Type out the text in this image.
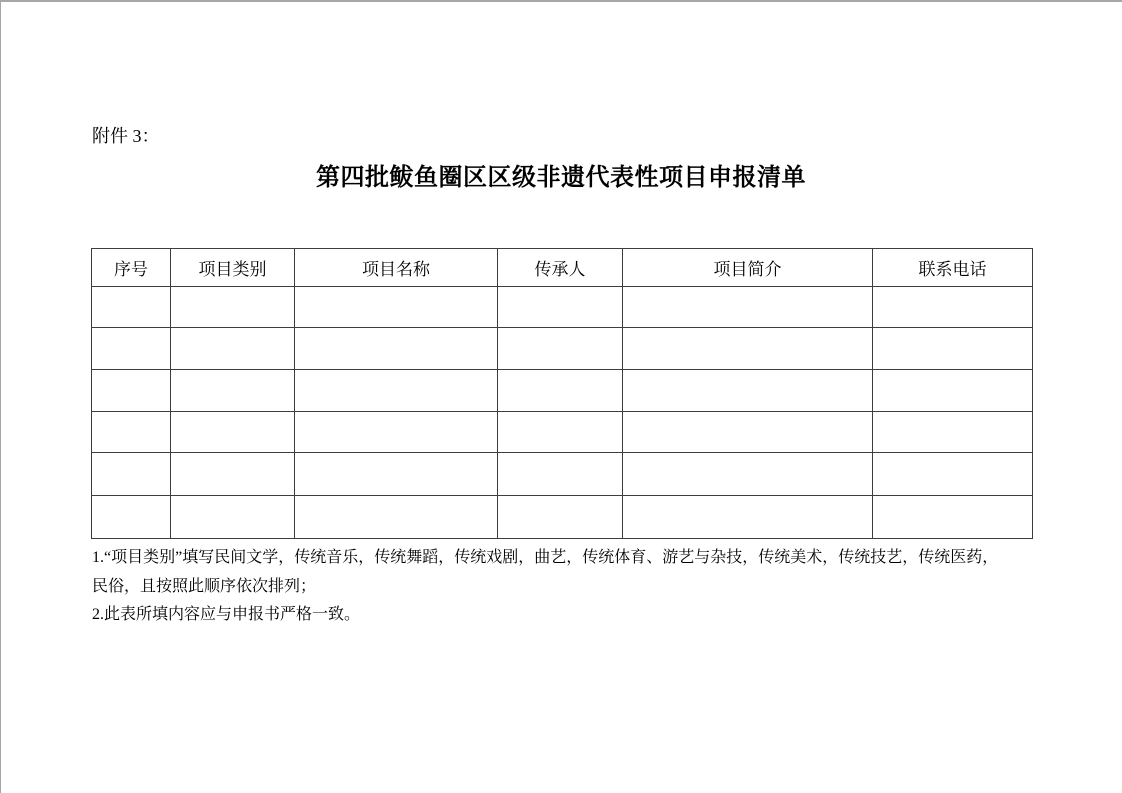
附件 3：
第四批鲅鱼圈区区级非遗代表性项目申报清单
序号	项目类别	项目名称	传承人	项目简介	联系电话

1.“项目类别”填写民间文学，传统音乐，传统舞蹈，传统戏剧，曲艺，传统体育、游艺与杂技，传统美术，传统技艺，传统医药，
民俗，且按照此顺序依次排列；
2.此表所填内容应与申报书严格一致。
